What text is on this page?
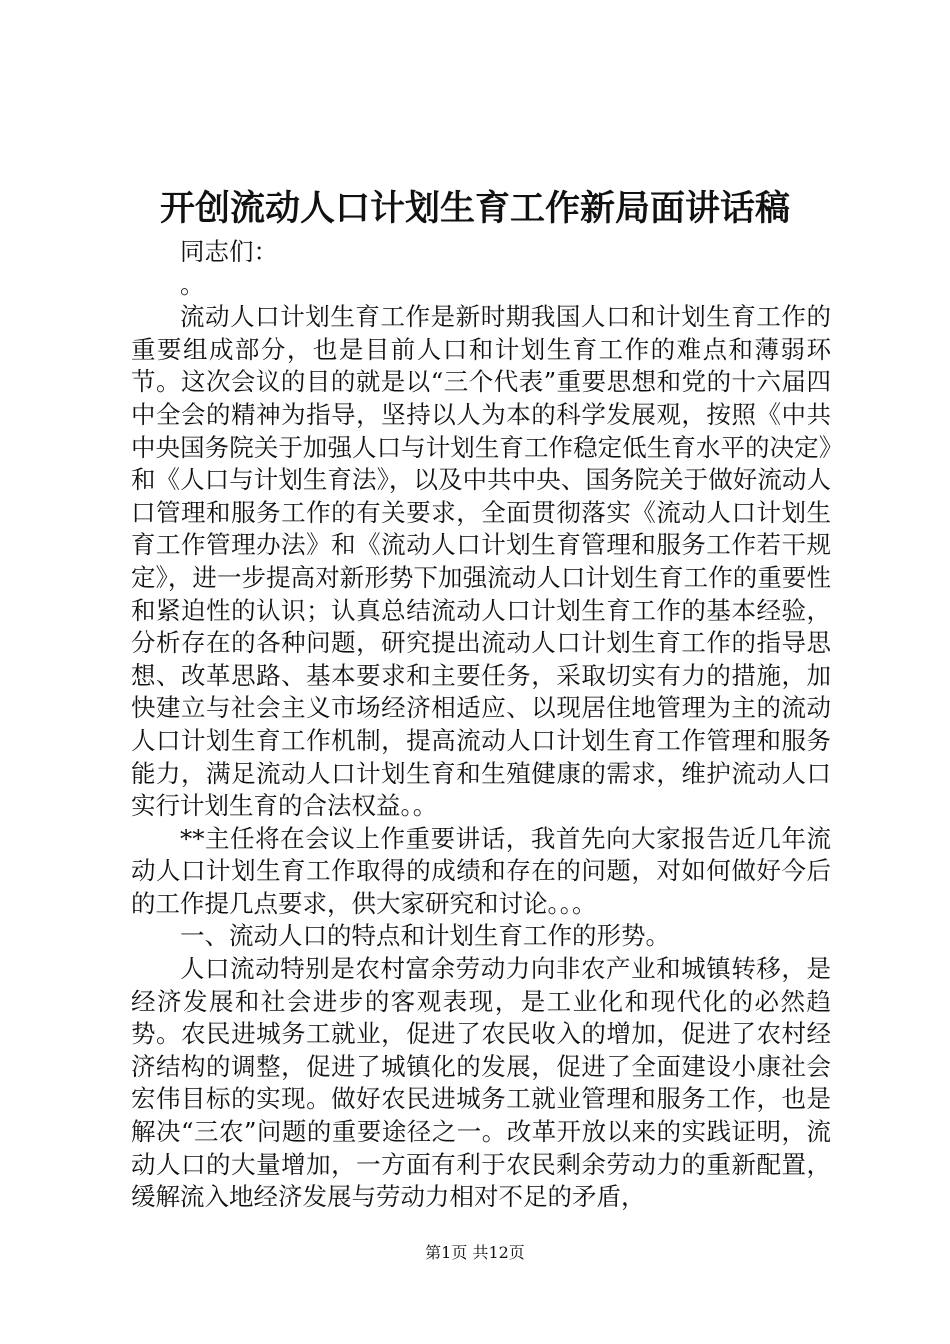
开创流动人口计划生育工作新局面讲话稿

同志们：

。

流动人口计划生育工作是新时期我国人口和计划生育工作的重要组成部分，也是目前人口和计划生育工作的难点和薄弱环节。这次会议的目的就是以“三个代表”重要思想和党的十六届四中全会的精神为指导，坚持以人为本的科学发展观，按照《中共中央国务院关于加强人口与计划生育工作稳定低生育水平的决定》和《人口与计划生育法》，以及中共中央、国务院关于做好流动人口管理和服务工作的有关要求，全面贯彻落实《流动人口计划生育工作管理办法》和《流动人口计划生育管理和服务工作若干规定》，进一步提高对新形势下加强流动人口计划生育工作的重要性和紧迫性的认识；认真总结流动人口计划生育工作的基本经验，分析存在的各种问题，研究提出流动人口计划生育工作的指导思想、改革思路、基本要求和主要任务，采取切实有力的措施，加快建立与社会主义市场经济相适应、以现居住地管理为主的流动人口计划生育工作机制，提高流动人口计划生育工作管理和服务能力，满足流动人口计划生育和生殖健康的需求，维护流动人口实行计划生育的合法权益。。

**主任将在会议上作重要讲话，我首先向大家报告近几年流动人口计划生育工作取得的成绩和存在的问题，对如何做好今后的工作提几点要求，供大家研究和讨论。。。

一、流动人口的特点和计划生育工作的形势。

人口流动特别是农村富余劳动力向非农产业和城镇转移，是经济发展和社会进步的客观表现，是工业化和现代化的必然趋势。农民进城务工就业，促进了农民收入的增加，促进了农村经济结构的调整，促进了城镇化的发展，促进了全面建设小康社会宏伟目标的实现。做好农民进城务工就业管理和服务工作，也是解决“三农”问题的重要途径之一。改革开放以来的实践证明，流动人口的大量增加，一方面有利于农民剩余劳动力的重新配置，缓解流入地经济发展与劳动力相对不足的矛盾，

第1页 共12页
